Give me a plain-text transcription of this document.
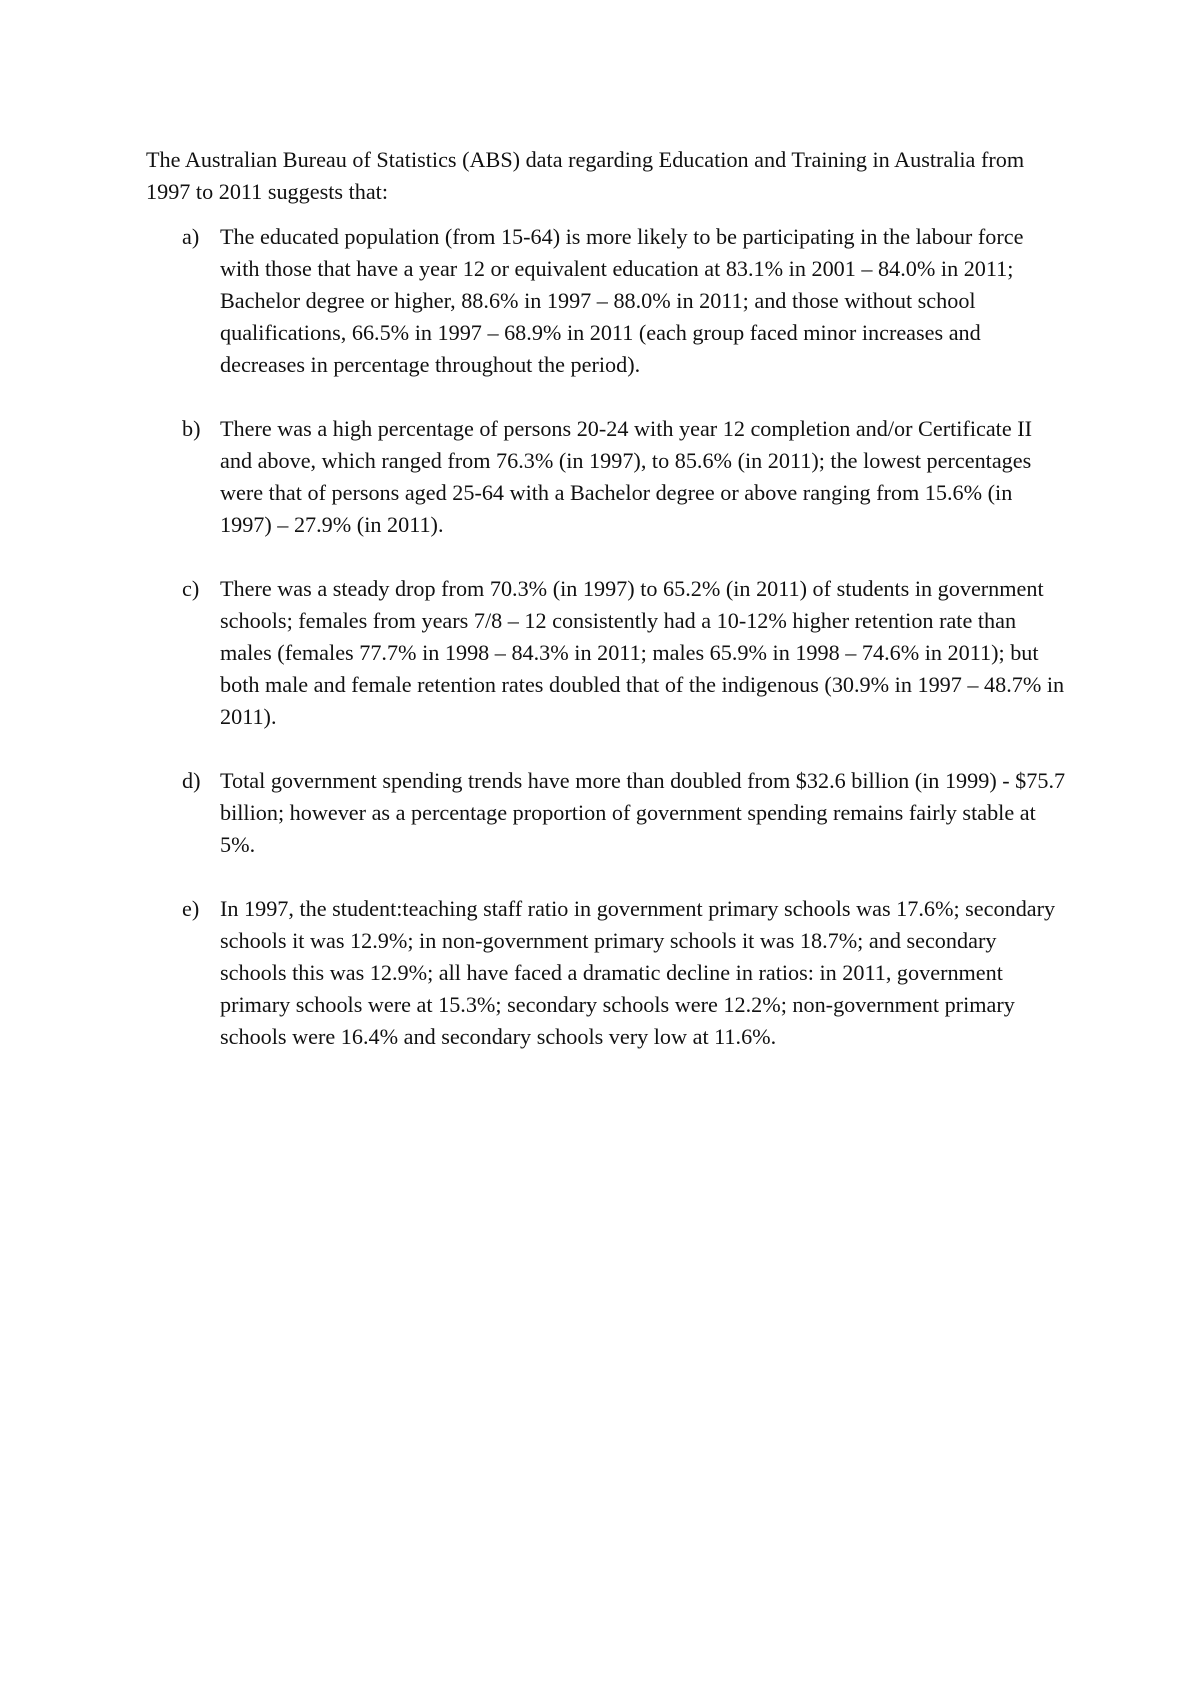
The Australian Bureau of Statistics (ABS) data regarding Education and Training in Australia from 1997 to 2011 suggests that:

a) The educated population (from 15-64) is more likely to be participating in the labour force with those that have a year 12 or equivalent education at 83.1% in 2001 – 84.0% in 2011; Bachelor degree or higher, 88.6% in 1997 – 88.0% in 2011; and those without school qualifications, 66.5% in 1997 – 68.9% in 2011 (each group faced minor increases and decreases in percentage throughout the period).
b) There was a high percentage of persons 20-24 with year 12 completion and/or Certificate II and above, which ranged from 76.3% (in 1997), to 85.6% (in 2011); the lowest percentages were that of persons aged 25-64 with a Bachelor degree or above ranging from 15.6% (in 1997) – 27.9% (in 2011).
c) There was a steady drop from 70.3% (in 1997) to 65.2% (in 2011) of students in government schools; females from years 7/8 – 12 consistently had a 10-12% higher retention rate than males (females 77.7% in 1998 – 84.3% in 2011; males 65.9% in 1998 – 74.6% in 2011); but both male and female retention rates doubled that of the indigenous (30.9% in 1997 – 48.7% in 2011).
d) Total government spending trends have more than doubled from $32.6 billion (in 1999) - $75.7 billion; however as a percentage proportion of government spending remains fairly stable at 5%.
e) In 1997, the student:teaching staff ratio in government primary schools was 17.6%; secondary schools it was 12.9%; in non-government primary schools it was 18.7%; and secondary schools this was 12.9%; all have faced a dramatic decline in ratios: in 2011, government primary schools were at 15.3%; secondary schools were 12.2%; non-government primary schools were 16.4% and secondary schools very low at 11.6%.
